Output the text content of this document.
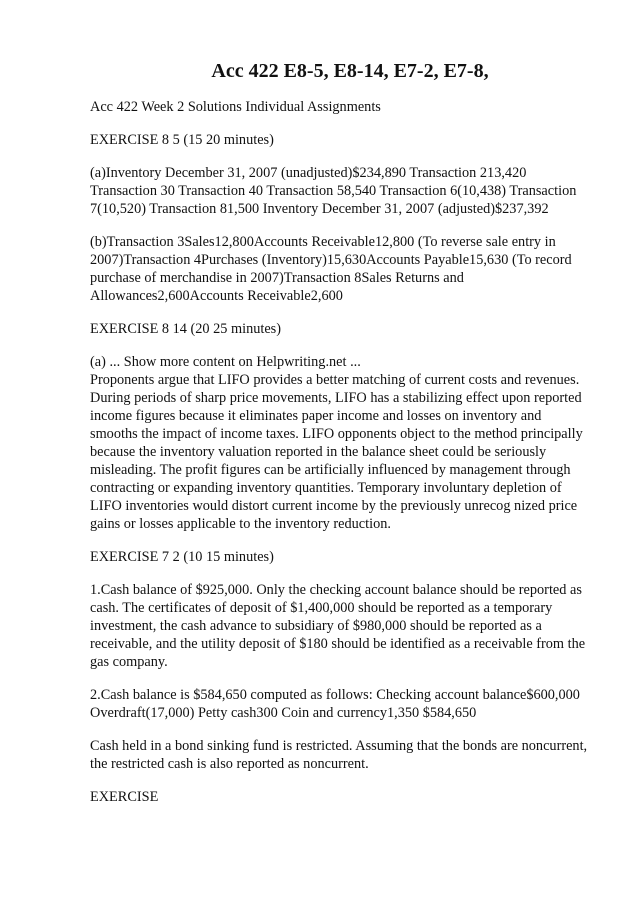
Acc 422 E8-5, E8-14, E7-2, E7-8,

Acc 422 Week 2 Solutions Individual Assignments

EXERCISE 8 5 (15 20 minutes)

(a)Inventory December 31, 2007 (unadjusted)$234,890 Transaction 213,420 Transaction 30 Transaction 40 Transaction 58,540 Transaction 6(10,438) Transaction 7(10,520) Transaction 81,500 Inventory December 31, 2007 (adjusted)$237,392

(b)Transaction 3Sales12,800Accounts Receivable12,800 (To reverse sale entry in 2007)Transaction 4Purchases (Inventory)15,630Accounts Payable15,630 (To record purchase of merchandise in 2007)Transaction 8Sales Returns and Allowances2,600Accounts Receivable2,600

EXERCISE 8 14 (20 25 minutes)

(a) ... Show more content on Helpwriting.net ...

Proponents argue that LIFO provides a better matching of current costs and revenues. During periods of sharp price movements, LIFO has a stabilizing effect upon reported income figures because it eliminates paper income and losses on inventory and smooths the impact of income taxes. LIFO opponents object to the method principally because the inventory valuation reported in the balance sheet could be seriously misleading. The profit figures can be artificially influenced by management through contracting or expanding inventory quantities. Temporary involuntary depletion of LIFO inventories would distort current income by the previously unrecog nized price gains or losses applicable to the inventory reduction.

EXERCISE 7 2 (10 15 minutes)

1.Cash balance of $925,000. Only the checking account balance should be reported as cash. The certificates of deposit of $1,400,000 should be reported as a temporary investment, the cash advance to subsidiary of $980,000 should be reported as a receivable, and the utility deposit of $180 should be identified as a receivable from the gas company.

2.Cash balance is $584,650 computed as follows: Checking account balance$600,000 Overdraft(17,000) Petty cash300 Coin and currency1,350 $584,650

Cash held in a bond sinking fund is restricted. Assuming that the bonds are noncurrent, the restricted cash is also reported as noncurrent.

EXERCISE
